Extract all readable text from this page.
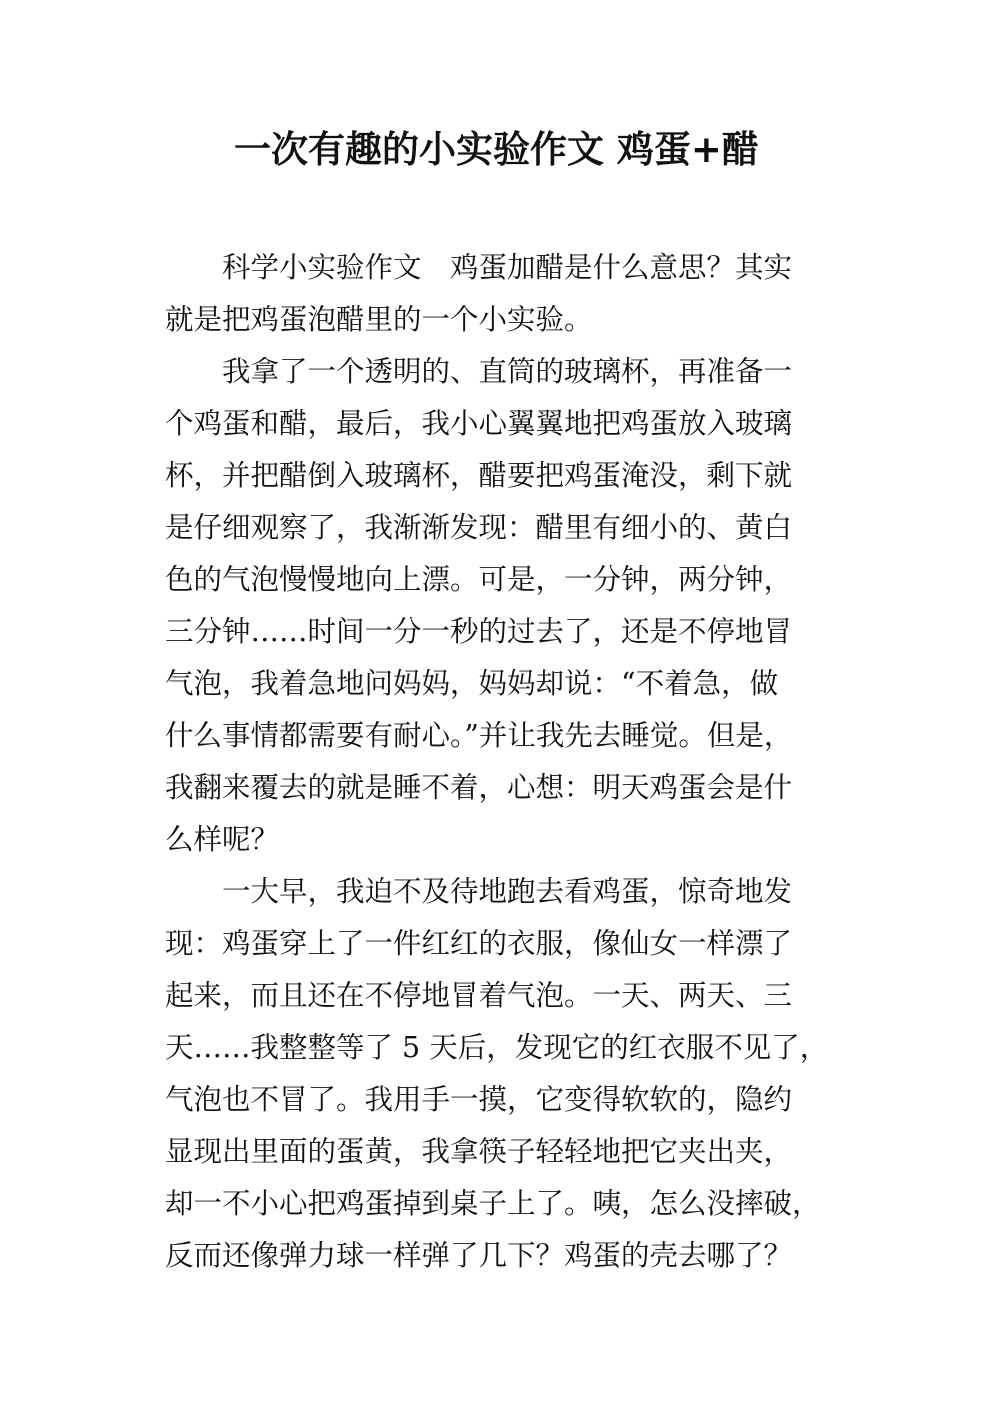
一次有趣的小实验作文 鸡蛋+醋
科学小实验作文　鸡蛋加醋是什么意思？其实
就是把鸡蛋泡醋里的一个小实验。
我拿了一个透明的、直筒的玻璃杯，再准备一
个鸡蛋和醋，最后，我小心翼翼地把鸡蛋放入玻璃
杯，并把醋倒入玻璃杯，醋要把鸡蛋淹没，剩下就
是仔细观察了，我渐渐发现：醋里有细小的、黄白
色的气泡慢慢地向上漂。可是，一分钟，两分钟，
三分钟……时间一分一秒的过去了，还是不停地冒
气泡，我着急地问妈妈，妈妈却说：“不着急，做
什么事情都需要有耐心。”并让我先去睡觉。但是，
我翻来覆去的就是睡不着，心想：明天鸡蛋会是什
么样呢？
一大早，我迫不及待地跑去看鸡蛋，惊奇地发
现：鸡蛋穿上了一件红红的衣服，像仙女一样漂了
起来，而且还在不停地冒着气泡。一天、两天、三
天……我整整等了 5 天后，发现它的红衣服不见了，
气泡也不冒了。我用手一摸，它变得软软的，隐约
显现出里面的蛋黄，我拿筷子轻轻地把它夹出夹，
却一不小心把鸡蛋掉到桌子上了。咦，怎么没摔破，
反而还像弹力球一样弹了几下？鸡蛋的壳去哪了？
